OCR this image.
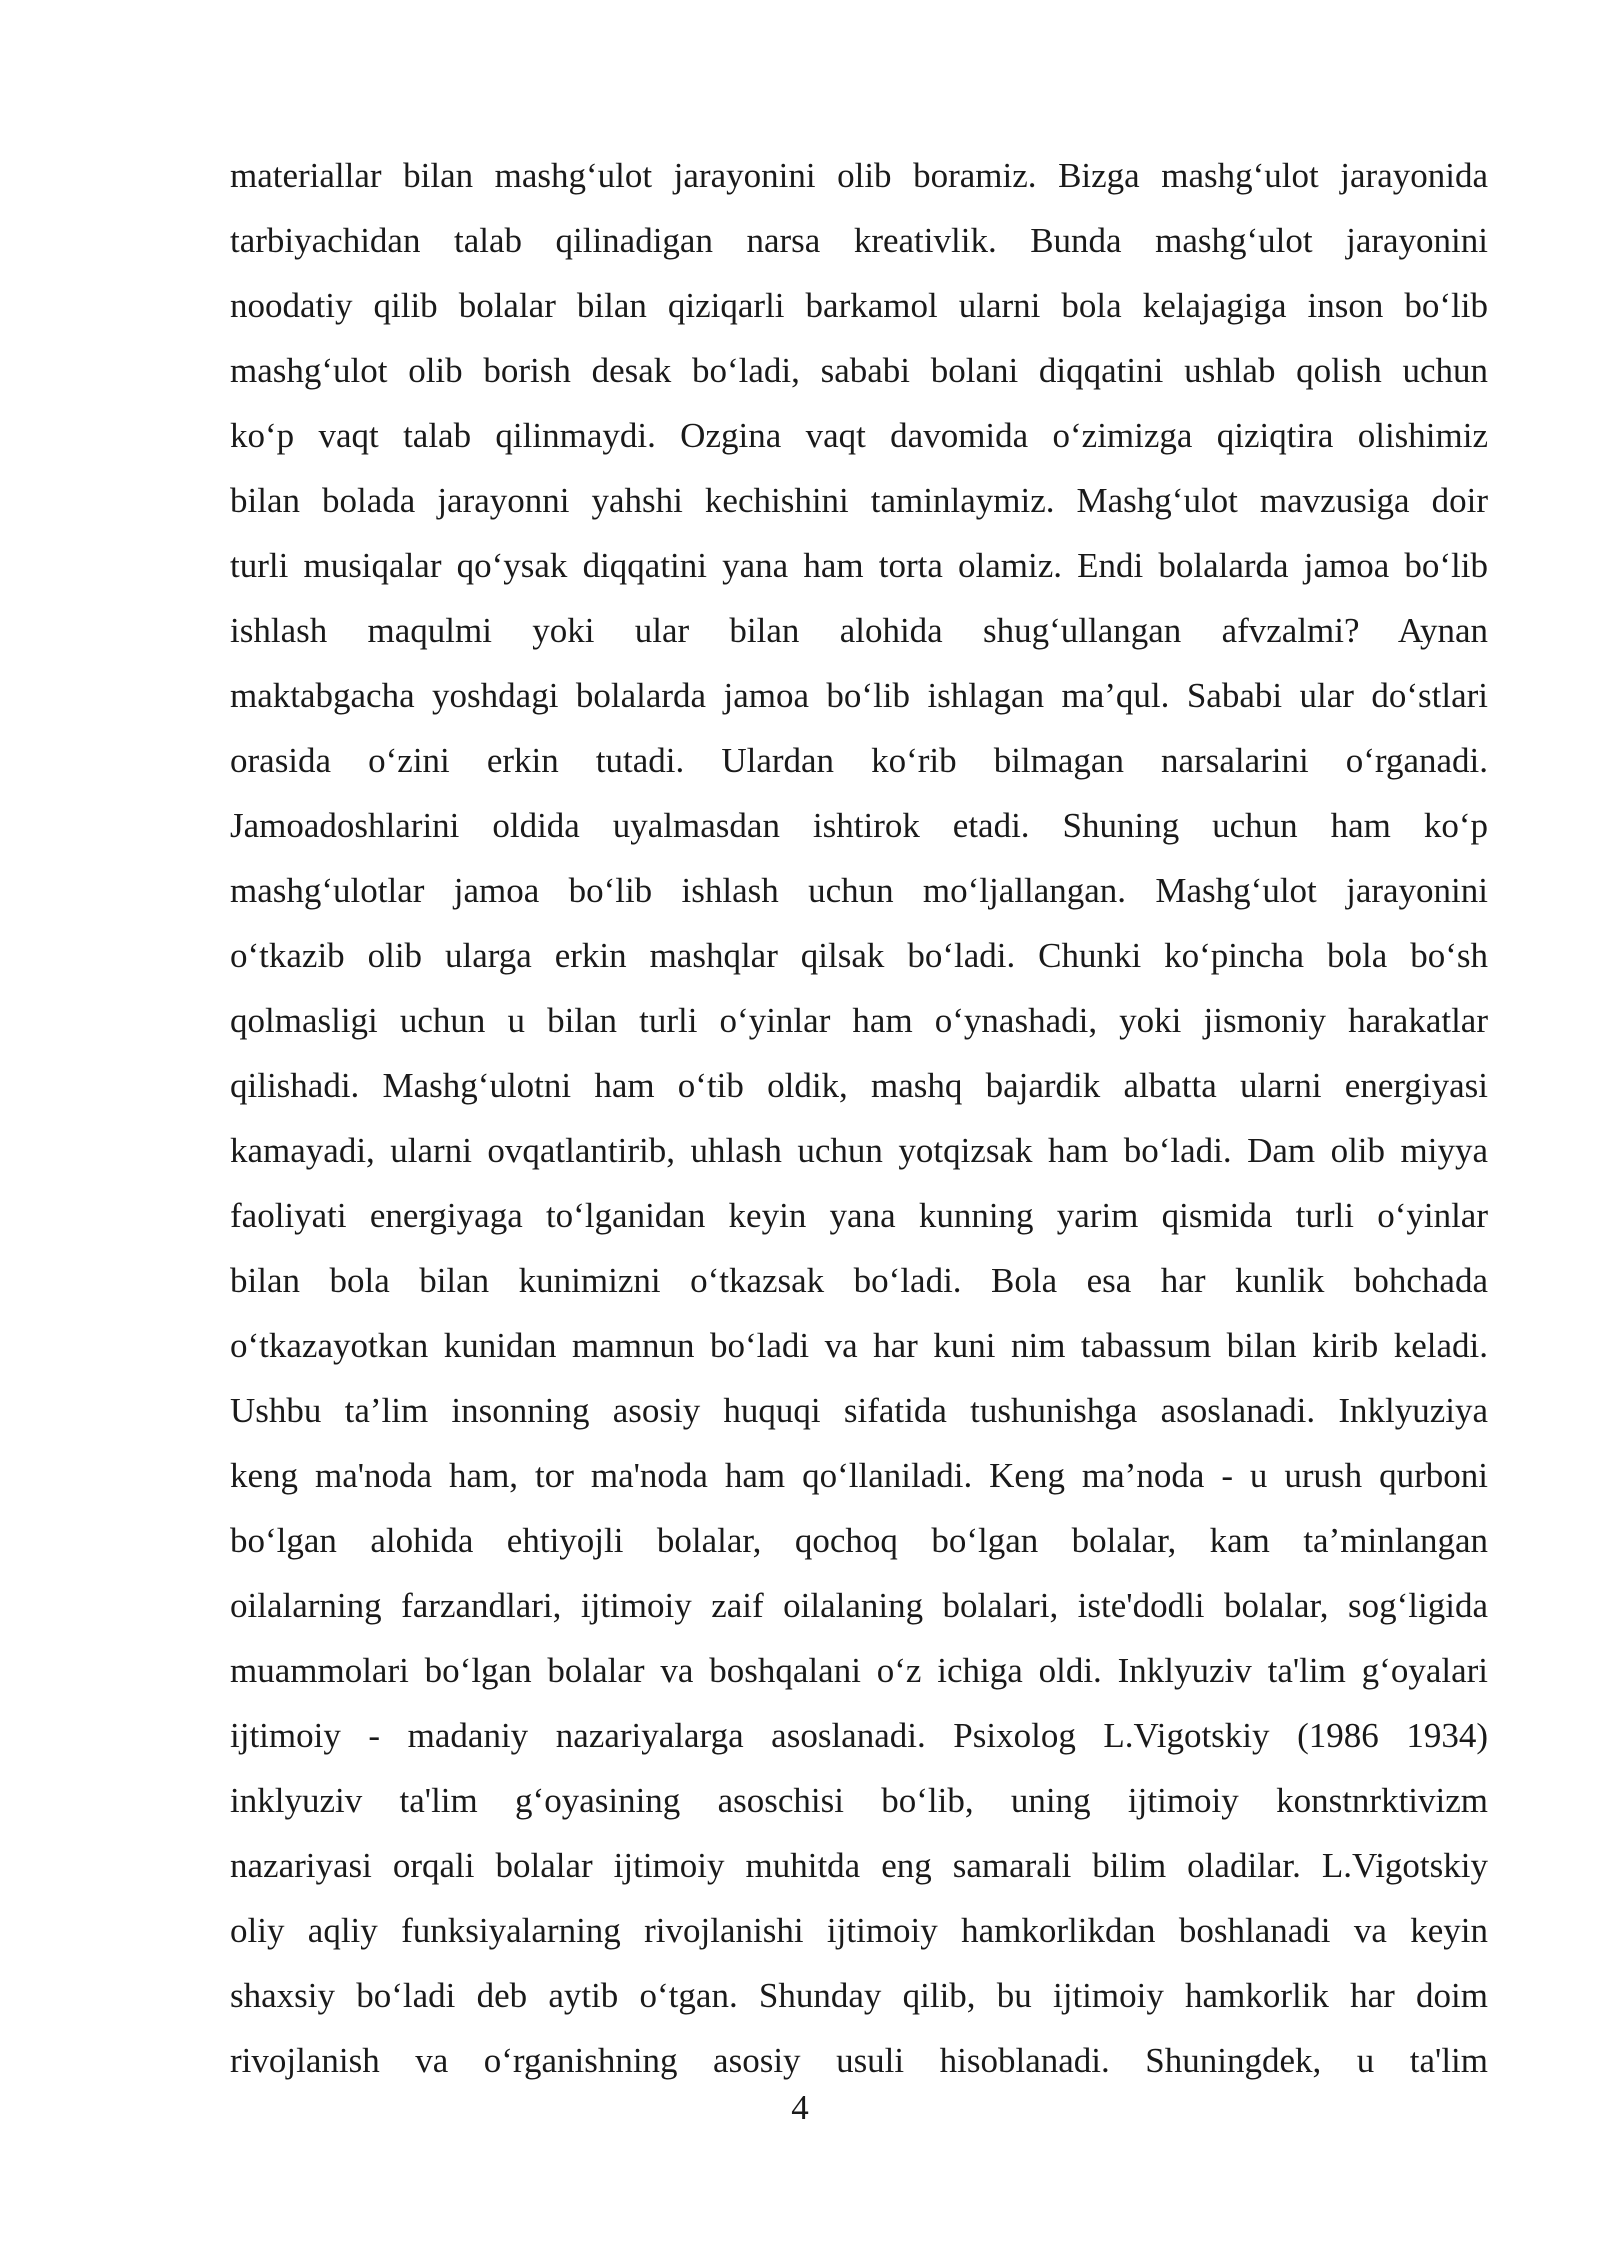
materiallar bilan mashg‘ulot jarayonini olib boramiz. Bizga mashg‘ulot jarayonida
tarbiyachidan talab qilinadigan narsa kreativlik. Bunda mashg‘ulot jarayonini
noodatiy qilib bolalar bilan qiziqarli barkamol ularni bola kelajagiga inson bo‘lib
mashg‘ulot olib borish desak bo‘ladi, sababi bolani diqqatini ushlab qolish uchun
ko‘p vaqt talab qilinmaydi. Ozgina vaqt davomida o‘zimizga qiziqtira olishimiz
bilan bolada jarayonni yahshi kechishini taminlaymiz. Mashg‘ulot mavzusiga doir
turli musiqalar qo‘ysak diqqatini yana ham torta olamiz. Endi bolalarda jamoa bo‘lib
ishlash maqulmi yoki ular bilan alohida shug‘ullangan afvzalmi? Aynan
maktabgacha yoshdagi bolalarda jamoa bo‘lib ishlagan ma’qul. Sababi ular do‘stlari
orasida o‘zini erkin tutadi. Ulardan ko‘rib bilmagan narsalarini o‘rganadi.
Jamoadoshlarini oldida uyalmasdan ishtirok etadi. Shuning uchun ham ko‘p
mashg‘ulotlar jamoa bo‘lib ishlash uchun mo‘ljallangan. Mashg‘ulot jarayonini
o‘tkazib olib ularga erkin mashqlar qilsak bo‘ladi. Chunki ko‘pincha bola bo‘sh
qolmasligi uchun u bilan turli o‘yinlar ham o‘ynashadi, yoki jismoniy harakatlar
qilishadi. Mashg‘ulotni ham o‘tib oldik, mashq bajardik albatta ularni energiyasi
kamayadi, ularni ovqatlantirib, uhlash uchun yotqizsak ham bo‘ladi. Dam olib miyya
faoliyati energiyaga to‘lganidan keyin yana kunning yarim qismida turli o‘yinlar
bilan bola bilan kunimizni o‘tkazsak bo‘ladi. Bola esa har kunlik bohchada
o‘tkazayotkan kunidan mamnun bo‘ladi va har kuni nim tabassum bilan kirib keladi.
Ushbu ta’lim insonning asosiy huquqi sifatida tushunishga asoslanadi. Inklyuziya
keng ma'noda ham, tor ma'noda ham qo‘llaniladi. Keng ma’noda - u urush qurboni
bo‘lgan alohida ehtiyojli bolalar, qochoq bo‘lgan bolalar, kam ta’minlangan
oilalarning farzandlari, ijtimoiy zaif oilalaning bolalari, iste'dodli bolalar, sog‘ligida
muammolari bo‘lgan bolalar va boshqalani o‘z ichiga oldi. Inklyuziv ta'lim g‘oyalari
ijtimoiy - madaniy nazariyalarga asoslanadi. Psixolog L.Vigotskiy (1986 1934)
inklyuziv ta'lim g‘oyasining asoschisi bo‘lib, uning ijtimoiy konstnrktivizm
nazariyasi orqali bolalar ijtimoiy muhitda eng samarali bilim oladilar. L.Vigotskiy
oliy aqliy funksiyalarning rivojlanishi ijtimoiy hamkorlikdan boshlanadi va keyin
shaxsiy bo‘ladi deb aytib o‘tgan. Shunday qilib, bu ijtimoiy hamkorlik har doim
rivojlanish va o‘rganishning asosiy usuli hisoblanadi. Shuningdek, u ta'lim
4
